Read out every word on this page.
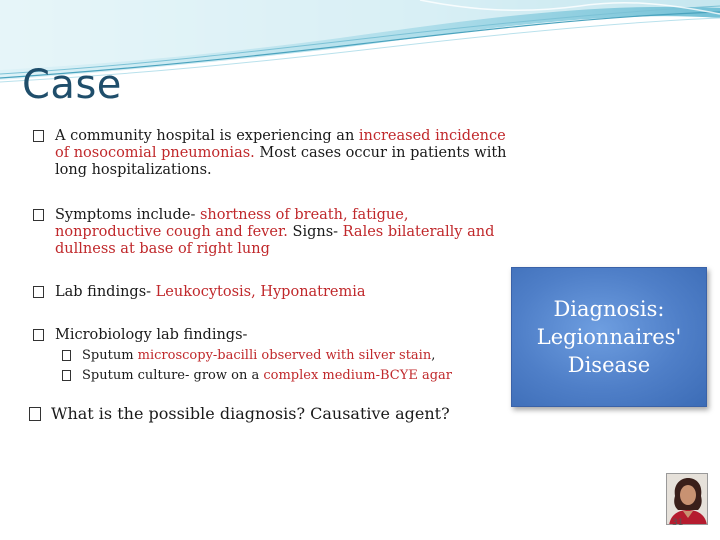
Case
A community hospital is experiencing an increased incidence of nosocomial pneumonias. Most cases occur in patients with long hospitalizations.
Symptoms include- shortness of breath, fatigue, nonproductive cough and fever. Signs- Rales bilaterally and dullness at base of right lung
Lab findings- Leukocytosis, Hyponatremia
Microbiology lab findings-
Sputum microscopy-bacilli observed with silver stain,
Sputum culture- grow on a complex medium-BCYE agar
What is the possible diagnosis? Causative agent?
Diagnosis:
Legionnaires'
Disease
31
